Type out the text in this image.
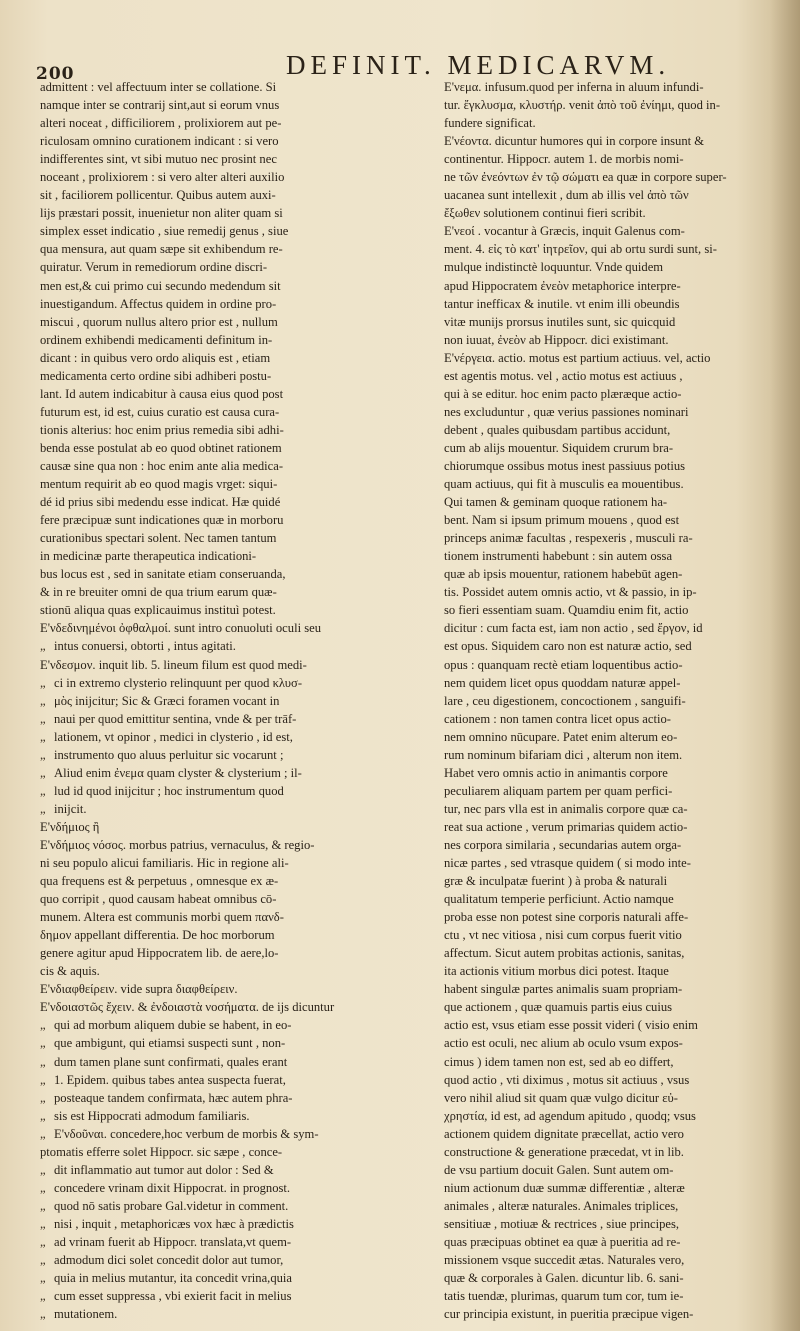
200	DEFINIT. MEDICARVM.
admittent : vel affectuum inter se collatione. Si
namque inter se contrarij sint,aut si eorum vnus
alteri noceat , difficiliorem , prolixiorem aut pe-
riculosam omnino curationem indicant : si vero
indifferentes sint, vt sibi mutuo nec prosint nec
noceant , prolixiorem : si vero alter alteri auxilio
sit , faciliorem pollicentur. Quibus autem auxi-
lijs præstari possit, inuenietur non aliter quam si
simplex esset indicatio , siue remedij genus , siue
qua mensura, aut quam sæpe sit exhibendum re-
quiratur. Verum in remediorum ordine discri-
men est,& cui primo cui secundo medendum sit
inuestigandum. Affectus quidem in ordine pro-
miscui , quorum nullus altero prior est , nullum
ordinem exhibendi medicamenti definitum in-
dicant : in quibus vero ordo aliquis est , etiam
medicamenta certo ordine sibi adhiberi postu-
lant. Id autem indicabitur à causa eius quod post
futurum est, id est, cuius curatio est causa cura-
tionis alterius: hoc enim prius remedia sibi adhi-
benda esse postulat ab eo quod obtinet rationem
causæ sine qua non : hoc enim ante alia medica-
mentum requirit ab eo quod magis vrget: siqui-
dé id prius sibi medendu esse indicat. Hæ quidé
fere præcipuæ sunt indicationes quæ in morboru
curationibus spectari solent. Nec tamen tantum
in medicinæ parte therapeutica indicationi-
bus locus est , sed in sanitate etiam conseruanda,
& in re breuiter omni de qua trium earum quæ-
stionū aliqua quas explicauimus instituì potest.
Ε'νδεδινημένοι ὀφθαλμοί. sunt intro conuoluti oculi seu
„ intus conuersi, obtorti , intus agitati.
Ε'νδεσμον. inquit lib. 5. lineum filum est quod medi-
„ ci in extremo clysterio relinquunt per quod κλυσ-
„ μὸς inijcitur; Sic & Græci foramen vocant in
„ naui per quod emittitur sentina, vnde & per trāf-
„ lationem, vt opinor , medici in clysterio , id est,
„ instrumento quo aluus perluitur sic vocarunt ;
„ Aliud enim ἐνεμα quam clyster & clysterium ; il-
„ lud id quod inijcitur ; hoc instrumentum quod
„ inijcit.
Ε'νδήμιος ἢ
Ε'νδήμιος νόσος. morbus patrius, vernaculus, & regio-
ni seu populo alicui familiaris. Hic in regione ali-
qua frequens est & perpetuus , omnesque ex æ-
quo corripit , quod causam habeat omnibus cō-
munem. Altera est communis morbi quem πανδ-
δημον appellant differentia. De hoc morborum
genere agitur apud Hippocratem lib. de aere,lo-
cis & aquis.
Ε'νδιαφθείρειν. vide supra διαφθείρειν.
Ε'νδοιαστῶς ἔχειν. & ἐνδοιαστὰ νοσήματα. de ijs dicuntur
„ qui ad morbum aliquem dubie se habent, in eo-
„ que ambigunt, qui etiamsi suspecti sunt , non-
„ dum tamen plane sunt confirmati, quales erant
„ 1. Epidem. quibus tabes antea suspecta fuerat,
„ posteaque tandem confirmata, hæc autem phra-
„ sis est Hippocrati admodum familiaris.
„ Ε'νδοῦναι. concedere,hoc verbum de morbis & sym-
ptomatis efferre solet Hippocr. sic sæpe , conce-
„ dit inflammatio aut tumor aut dolor : Sed &
„ concedere vrinam dixit Hippocrat. in prognost.
„ quod nō satis probare Gal.videtur in comment.
„ nisi , inquit , metaphoricæs vox hæc à prædictis
„ ad vrinam fuerit ab Hippocr. translata,vt quem-
„ admodum dici solet concedit dolor aut tumor,
„ quia in melius mutantur, ita concedit vrina,quia
„ cum esset suppressa , vbi exierit facit in melius
„ mutationem.
Ε'νεμα. infusum.quod per inferna in aluum infundi-
tur. ἔγκλυσμα, κλυστήρ. venit ἀπὸ τοῦ ἐνίημι, quod in-
fundere significat.
Ε'νέοντα. dicuntur humores qui in corpore insunt &
continentur. Hippocr. autem 1. de morbis nomi-
ne τῶν ἐνεόντων ἐν τῷ σώματι ea quæ in corpore super-
uacanea sunt intellexit , dum ab illis vel ἀπὸ τῶν
ἔξωθεν solutionem continui fieri scribit.
Ε'νεοί . vocantur à Græcis, inquit Galenus com-
ment. 4. εἰς τὸ κατ' ἰητρεῖον, qui ab ortu surdi sunt, si-
mulque indistinctè loquuntur. Vnde quidem
apud Hippocratem ἐνεὸν metaphorice interpre-
tantur inefficax & inutile. vt enim illi obeundis
vitæ munijs prorsus inutiles sunt, sic quicquid
non iuuat, ἐνεὸν ab Hippocr. dici existimant.
Ε'νέργεια. actio. motus est partium actiuus. vel, actio
est agentis motus. vel , actio motus est actiuus ,
qui à se editur. hoc enim pacto plæræque actio-
nes excluduntur , quæ verius passiones nominari
debent , quales quibusdam partibus accidunt,
cum ab alijs mouentur. Siquidem crurum bra-
chiorumque ossibus motus inest passiuus potius
quam actiuus, qui fit à musculis ea mouentibus.
Qui tamen & geminam quoque rationem ha-
bent. Nam si ipsum primum mouens , quod est
princeps animæ facultas , respexeris , musculi ra-
tionem instrumenti habebunt : sin autem ossa
quæ ab ipsis mouentur, rationem habebūt agen-
tis. Possidet autem omnis actio, vt & passio, in ip-
so fieri essentiam suam. Quamdiu enim fit, actio
dicitur : cum facta est, iam non actio , sed ἔργον, id
est opus. Siquidem caro non est naturæ actio, sed
opus : quanquam rectè etiam loquentibus actio-
nem quidem licet opus quoddam naturæ appel-
lare , ceu digestionem, concoctionem , sanguifi-
cationem : non tamen contra licet opus actio-
nem omnino nūcupare. Patet enim alterum eo-
rum nominum bifariam dici , alterum non item.
Habet vero omnis actio in animantis corpore
peculiarem aliquam partem per quam perfici-
tur, nec pars vlla est in animalis corpore quæ ca-
reat sua actione , verum primarias quidem actio-
nes corpora similaria , secundarias autem orga-
nicæ partes , sed vtrasque quidem ( si modo inte-
græ & inculpatæ fuerint ) à proba & naturali
qualitatum temperie perficiunt. Actio namque
proba esse non potest sine corporis naturali affe-
ctu , vt nec vitiosa , nisi cum corpus fuerit vitio
affectum. Sicut autem probitas actionis, sanitas,
ita actionis vitium morbus dici potest. Itaque
habent singulæ partes animalis suam propriam-
que actionem , quæ quamuis partis eius cuius
actio est, vsus etiam esse possit videri ( visio enim
actio est oculi, nec alium ab oculo vsum expos-
cimus ) idem tamen non est, sed ab eo differt,
quod actio , vti diximus , motus sit actiuus , vsus
vero nihil aliud sit quam quæ vulgo dicitur εὐ-
χρηστία, id est, ad agendum apitudo , quodq; vsus
actionem quidem dignitate præcellat, actio vero
constructione & generatione præcedat, vt in lib.
de vsu partium docuit Galen. Sunt autem om-
nium actionum duæ summæ differentiæ , alteræ
animales , alteræ naturales. Animales triplices,
sensitiuæ , motiuæ & rectrices , siue principes,
quas præcipuas obtinet ea quæ à pueritia ad re-
missionem vsque succedit ætas. Naturales vero,
quæ & corporales à Galen. dicuntur lib. 6. sani-
tatis tuendæ, plurimas, quarum tum cor, tum ie-
cur principia existunt, in pueritia præcipue vigen-
